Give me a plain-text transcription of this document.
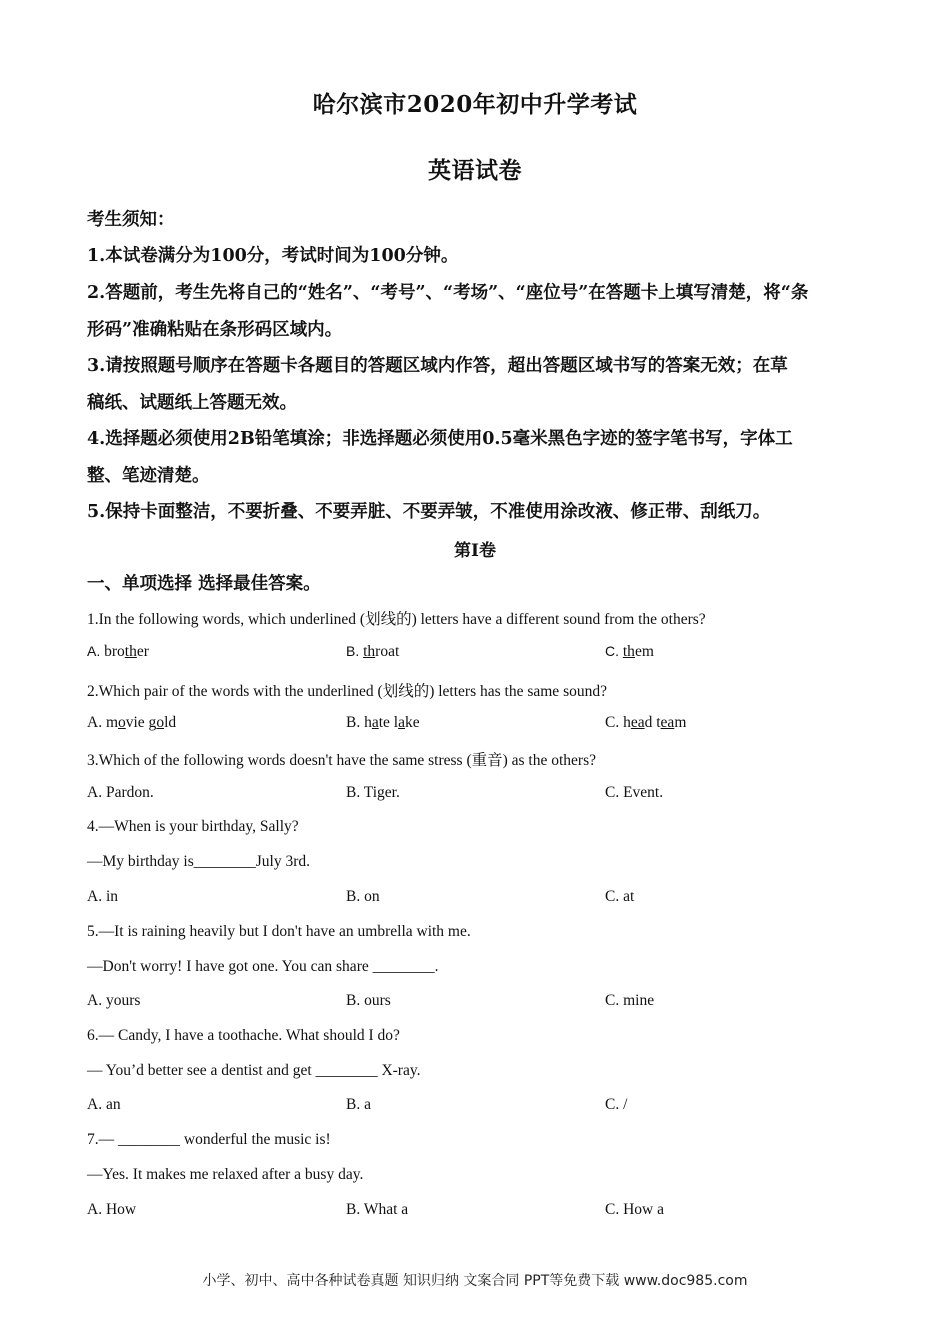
哈尔滨市2020年初中升学考试
英语试卷
考生须知：
1.本试卷满分为100分，考试时间为100分钟。
2.答题前，考生先将自己的“姓名”、“考号”、“考场”、“座位号”在答题卡上填写清楚，将“条
形码”准确粘贴在条形码区域内。
3.请按照题号顺序在答题卡各题目的答题区域内作答，超出答题区域书写的答案无效；在草
稿纸、试题纸上答题无效。
4.选择题必须使用2B铅笔填涂；非选择题必须使用0.5毫米黑色字迹的签字笔书写，字体工
整、笔迹清楚。
5.保持卡面整洁，不要折叠、不要弄脏、不要弄皱，不准使用涂改液、修正带、刮纸刀。
第Ⅰ卷
一、单项选择 选择最佳答案。
1.In the following words, which underlined (划线的) letters have a different sound from the others?
A. brother	B. throat	C. them
2.Which pair of the words with the underlined (划线的) letters has the same sound?
A. movie gold	B. hate lake	C. head team
3.Which of the following words doesn't have the same stress (重音) as the others?
A. Pardon.	B. Tiger.	C. Event.
4.—When is your birthday, Sally?
—My birthday is________July 3rd.
A. in	B. on	C. at
5.—It is raining heavily but I don't have an umbrella with me.
—Don't worry! I have got one. You can share ________.
A. yours	B. ours	C. mine
6.— Candy, I have a toothache. What should I do?
— You’d better see a dentist and get ________ X-ray.
A. an	B. a	C. /
7.— ________ wonderful the music is!
—Yes. It makes me relaxed after a busy day.
A. How	B. What a	C. How a
小学、初中、高中各种试卷真题 知识归纳 文案合同 PPT等免费下载 www.doc985.com
